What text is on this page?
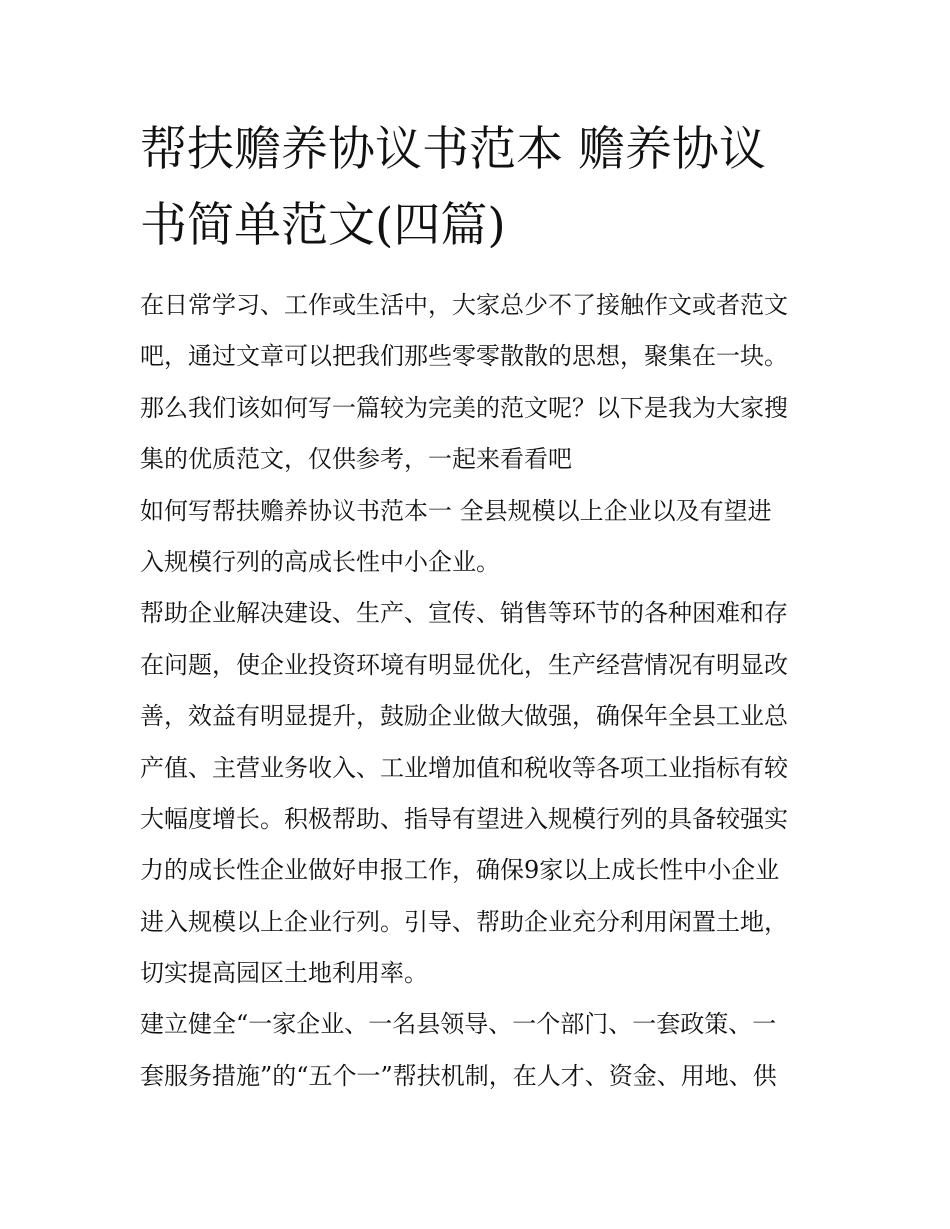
帮扶赡养协议书范本 赡养协议
书简单范文(四篇)
在日常学习、工作或生活中，大家总少不了接触作文或者范文
吧，通过文章可以把我们那些零零散散的思想，聚集在一块。
那么我们该如何写一篇较为完美的范文呢？以下是我为大家搜
集的优质范文，仅供参考，一起来看看吧
如何写帮扶赡养协议书范本一 全县规模以上企业以及有望进
入规模行列的高成长性中小企业。
帮助企业解决建设、生产、宣传、销售等环节的各种困难和存
在问题，使企业投资环境有明显优化，生产经营情况有明显改
善，效益有明显提升，鼓励企业做大做强，确保年全县工业总
产值、主营业务收入、工业增加值和税收等各项工业指标有较
大幅度增长。积极帮助、指导有望进入规模行列的具备较强实
力的成长性企业做好申报工作，确保9家以上成长性中小企业
进入规模以上企业行列。引导、帮助企业充分利用闲置土地，
切实提高园区土地利用率。
建立健全“一家企业、一名县领导、一个部门、一套政策、一
套服务措施”的“五个一”帮扶机制，在人才、资金、用地、供
